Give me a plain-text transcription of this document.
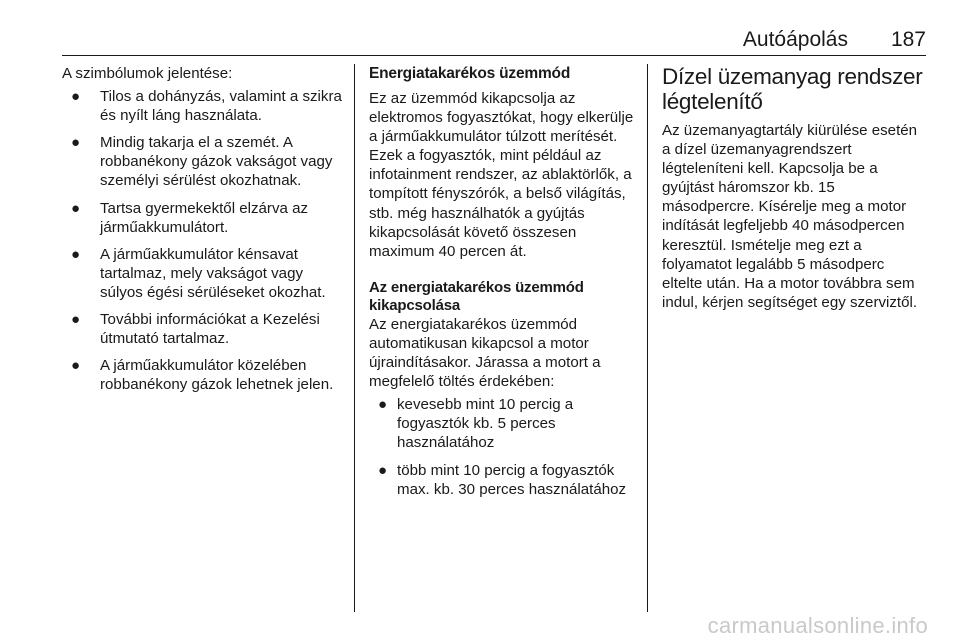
Autóápolás 187

A szimbólumok jelentése:

● Tilos a dohányzás, valamint a szikra és nyílt láng használata.
● Mindig takarja el a szemét. A robbanékony gázok vakságot vagy személyi sérülést okozhatnak.
● Tartsa gyermekektől elzárva az járműakkumulátort.
● A járműakkumulátor kénsavat tartalmaz, mely vakságot vagy súlyos égési sérüléseket okozhat.
● További információkat a Kezelési útmutató tartalmaz.
● A járműakkumulátor közelében robbanékony gázok lehetnek jelen.
Energiatakarékos üzemmód

Ez az üzemmód kikapcsolja az elektromos fogyasztókat, hogy elkerülje a járműakkumulátor túlzott merítését. Ezek a fogyasztók, mint például az infotainment rendszer, az ablaktörlők, a tompított fényszórók, a belső világítás, stb. még használhatók a gyújtás kikapcsolását követő összesen maximum 40 percen át.

Az energiatakarékos üzemmód kikapcsolása

Az energiatakarékos üzemmód automatikusan kikapcsol a motor újraindításakor. Járassa a motort a megfelelő töltés érdekében:

● kevesebb mint 10 percig a fogyasztók kb. 5 perces használatához
● több mint 10 percig a fogyasztók max. kb. 30 perces használatához
Dízel üzemanyag rendszer légtelenítő

Az üzemanyagtartály kiürülése esetén a dízel üzemanyagrendszert légteleníteni kell. Kapcsolja be a gyújtást háromszor kb. 15 másodpercre. Kísérelje meg a motor indítását legfeljebb 40 másodpercen keresztül. Ismételje meg ezt a folyamatot legalább 5 másodperc eltelte után. Ha a motor továbbra sem indul, kérjen segítséget egy szerviztől.

carmanualsonline.info
